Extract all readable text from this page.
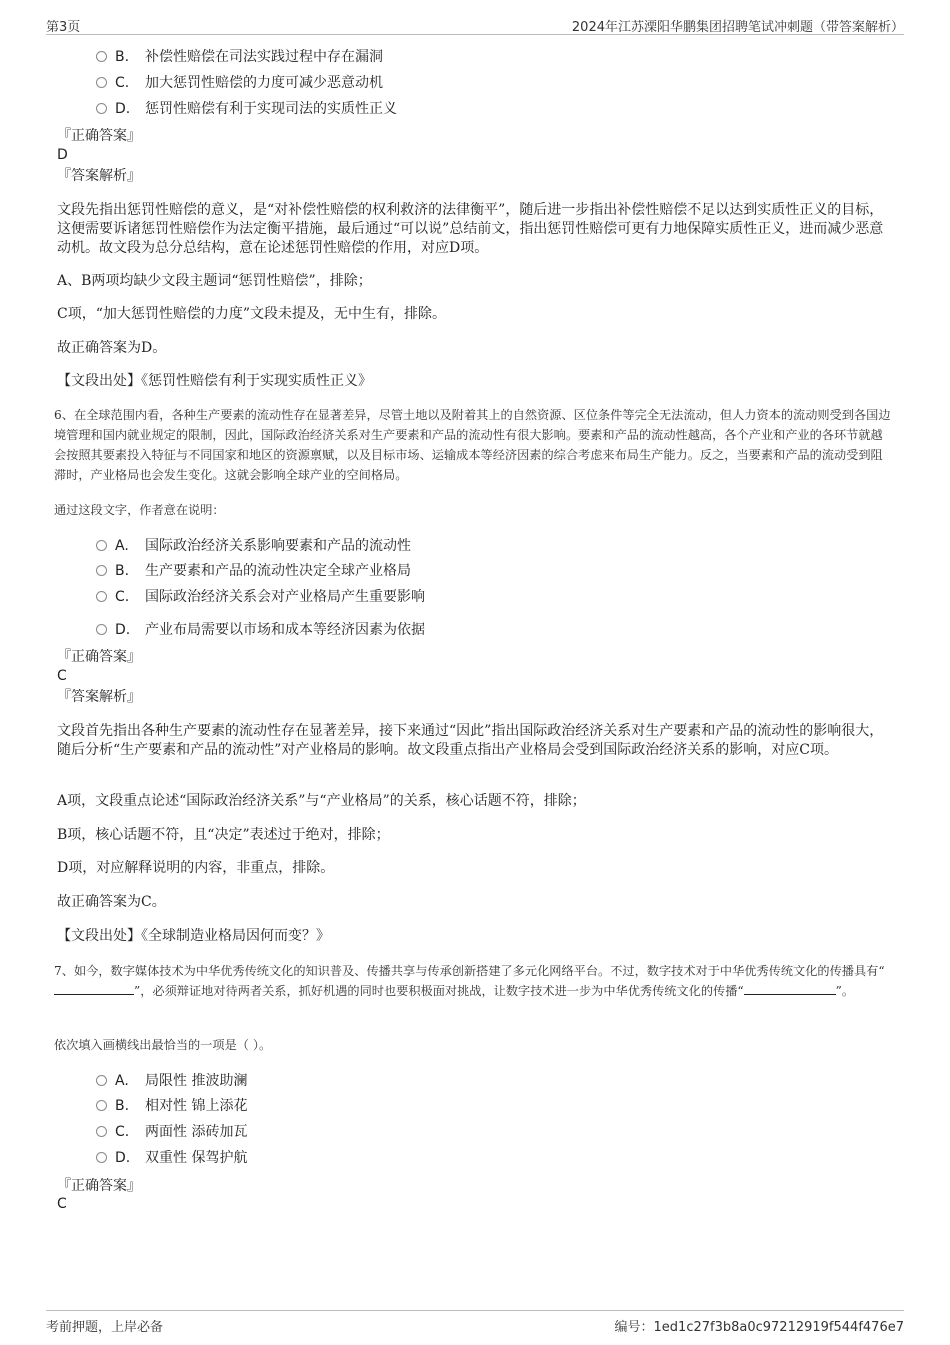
第3页	2024年江苏溧阳华鹏集团招聘笔试冲刺题（带答案解析）
B. 补偿性赔偿在司法实践过程中存在漏洞
C. 加大惩罚性赔偿的力度可减少恶意动机
D. 惩罚性赔偿有利于实现司法的实质性正义
『正确答案』
D
『答案解析』
文段先指出惩罚性赔偿的意义，是“对补偿性赔偿的权利救济的法律衡平”，随后进一步指出补偿性赔偿不足以达到实质性正义的目标，这便需要诉诸惩罚性赔偿作为法定衡平措施，最后通过“可以说”总结前文，指出惩罚性赔偿可更有力地保障实质性正义，进而减少恶意动机。故文段为总分总结构，意在论述惩罚性赔偿的作用，对应D项。
A、B两项均缺少文段主题词“惩罚性赔偿”，排除；
C项，“加大惩罚性赔偿的力度”文段未提及，无中生有，排除。
故正确答案为D。
【文段出处】《惩罚性赔偿有利于实现实质性正义》
6、在全球范围内看，各种生产要素的流动性存在显著差异，尽管土地以及附着其上的自然资源、区位条件等完全无法流动，但人力资本的流动则受到各国边境管理和国内就业规定的限制，因此，国际政治经济关系对生产要素和产品的流动性有很大影响。要素和产品的流动性越高，各个产业和产业的各环节就越会按照其要素投入特征与不同国家和地区的资源禀赋，以及目标市场、运输成本等经济因素的综合考虑来布局生产能力。反之，当要素和产品的流动受到阻滞时，产业格局也会发生变化。这就会影响全球产业的空间格局。
通过这段文字，作者意在说明：
A. 国际政治经济关系影响要素和产品的流动性
B. 生产要素和产品的流动性决定全球产业格局
C. 国际政治经济关系会对产业格局产生重要影响
D. 产业布局需要以市场和成本等经济因素为依据
『正确答案』
C
『答案解析』
文段首先指出各种生产要素的流动性存在显著差异，接下来通过“因此”指出国际政治经济关系对生产要素和产品的流动性的影响很大，随后分析“生产要素和产品的流动性”对产业格局的影响。故文段重点指出产业格局会受到国际政治经济关系的影响，对应C项。
A项，文段重点论述“国际政治经济关系”与“产业格局”的关系，核心话题不符，排除；
B项，核心话题不符，且“决定”表述过于绝对，排除；
D项，对应解释说明的内容，非重点，排除。
故正确答案为C。
【文段出处】《全球制造业格局因何而变？》
7、如今，数字媒体技术为中华优秀传统文化的知识普及、传播共享与传承创新搭建了多元化网络平台。不过，数字技术对于中华优秀传统文化的传播具有“”，必须辩证地对待两者关系，抓好机遇的同时也要积极面对挑战，让数字技术进一步为中华优秀传统文化的传播“	”。
依次填入画横线出最恰当的一项是（ ）。
A. 局限性 推波助澜
B. 相对性 锦上添花
C. 两面性 添砖加瓦
D. 双重性 保驾护航
『正确答案』
C
考前押题，上岸必备	编号：1ed1c27f3b8a0c97212919f544f476e7
